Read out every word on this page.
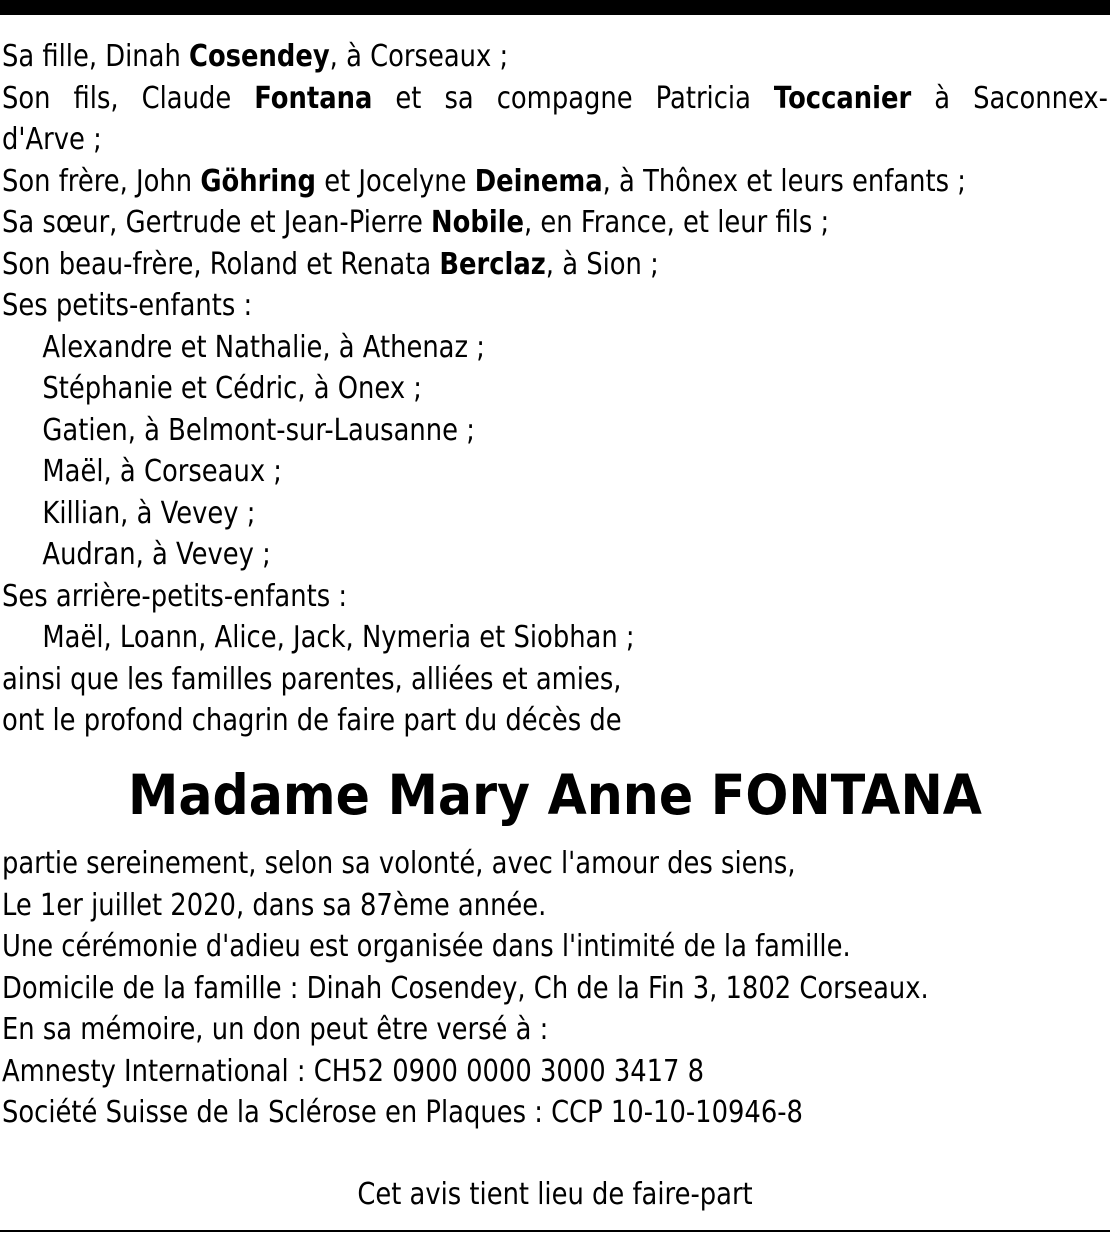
Sa fille, Dinah Cosendey, à Corseaux ;
Son fils, Claude Fontana et sa compagne Patricia Toccanier à Saconnex-
d'Arve ;
Son frère, John Göhring et Jocelyne Deinema, à Thônex et leurs enfants ;
Sa sœur, Gertrude et Jean-Pierre Nobile, en France, et leur fils ;
Son beau-frère, Roland et Renata Berclaz, à Sion ;
Ses petits-enfants :
Alexandre et Nathalie, à Athenaz ;
Stéphanie et Cédric, à Onex ;
Gatien, à Belmont-sur-Lausanne ;
Maël, à Corseaux ;
Killian, à Vevey ;
Audran, à Vevey ;
Ses arrière-petits-enfants :
Maël, Loann, Alice, Jack, Nymeria et Siobhan ;
ainsi que les familles parentes, alliées et amies,
ont le profond chagrin de faire part du décès de
Madame Mary Anne FONTANA
partie sereinement, selon sa volonté, avec l'amour des siens,
Le 1er juillet 2020, dans sa 87ème année.
Une cérémonie d'adieu est organisée dans l'intimité de la famille.
Domicile de la famille : Dinah Cosendey, Ch de la Fin 3, 1802 Corseaux.
En sa mémoire, un don peut être versé à :
Amnesty International : CH52 0900 0000 3000 3417 8
Société Suisse de la Sclérose en Plaques : CCP 10-10-10946-8
Cet avis tient lieu de faire-part
